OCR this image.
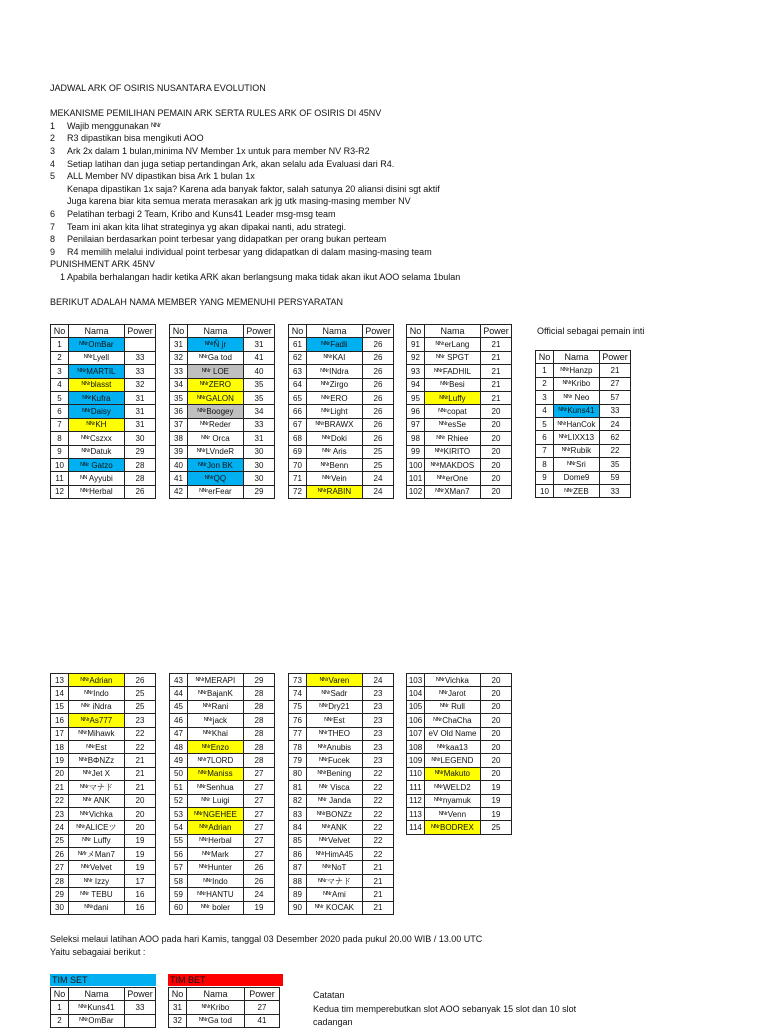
JADWAL ARK OF OSIRIS NUSANTARA EVOLUTION
MEKANISME PEMILIHAN PEMAIN ARK SERTA RULES ARK OF OSIRIS DI 45NV
1 Wajib menggunakan ᴺᴺʳ
2 R3 dipastikan bisa mengikuti AOO
3 Ark 2x dalam 1 bulan,minima NV Member 1x untuk para member NV R3-R2
4 Setiap latihan dan juga setiap pertandingan Ark, akan selalu ada Evaluasi dari R4.
5 ALL Member NV dipastikan bisa Ark 1 bulan 1x
Kenapa dipastikan 1x saja? Karena ada banyak faktor, salah satunya 20 aliansi disini sgt aktif
Juga karena biar kita semua merata merasakan ark jg utk masing-masing member NV
6 Pelatihan terbagi 2 Team, Kribo and Kuns41 Leader msg-msg team
7 Team ini akan kita lihat strateginya yg akan dipakai nanti, adu strategi.
8 Penilaian berdasarkan point terbesar yang didapatkan per orang bukan perteam
9 R4 memilih melalui individual point terbesar yang didapatkan di dalam masing-masing team
PUNISHMENT ARK 45NV
1 Apabila berhalangan hadir ketika ARK akan berlangsung maka tidak akan ikut AOO selama 1bulan
BERIKUT ADALAH NAMA MEMBER YANG MEMENUHI PERSYARATAN
Official sebagai pemain inti
No	Nama	Power
1	ᴺᴺʳOmBar	
2	ᴺᴺʳLyell	33
3	ᴺᴺʳMARTIL	33
4	ᴺᴺʳblasst	32
5	ᴺᴺʳKufra	31
6	ᴺᴺʳDaisy	31
7	ᴺᴺʳKH	31
8	ᴺᴺʳCszxx	30
9	ᴺᴺʳDatuk	29
10	ᴺᴺʳ Gatzo	28
11	ᴺᴺ Ayyubi	28
12	ᴺᴺʳHerbal	26
No	Nama	Power
31	ᴺᴺʳÑ jr	31
32	ᴺᴺʳGa tod	41
33	ᴺᴺʳ LOE	40
34	ᴺᴺʳZERO	35
35	ᴺᴺʳGALON	35
36	ᴺᴺʳBoogey	34
37	ᴺᴺʳReder	33
38	ᴺᴺʳ Orca	31
39	ᴺᴺʳLVndeR	30
40	ᴺᴺʳJon BK	30
41	ᴺᴺʳQQ	30
42	ᴺᴺʳerFear	29
No	Nama	Power
61	ᴺᴺʳFadli	26
62	ᴺᴺʳKAI	26
63	ᴺᴺʳINdra	26
64	ᴺᴺʳZirgo	26
65	ᴺᴺʳERO	26
66	ᴺᴺʳLight	26
67	ᴺᴺʳBRAWX	26
68	ᴺᴺʳDoki	26
69	ᴺᴺʳ Aris	25
70	ᴺᴺʳBenn	25
71	ᴺᴺʳVein	24
72	ᴺᴺʳRABIN	24
No	Nama	Power
91	ᴺᴺʳerLang	21
92	ᴺᴺʳ SPGT	21
93	ᴺᴺʳFADHIL	21
94	ᴺᴺʳBesi	21
95	ᴺᴺʳLuffy	21
96	ᴺᴺʳcopat	20
97	ᴺᴺʳesSe	20
98	ᴺᴺʳ Rhiee	20
99	ᴺᴺʳKIRITO	20
100	ᴺᴺʳMAKDOS	20
101	ᴺᴺʳerOne	20
102	ᴺᴺʳXMan7	20
No	Nama	Power
1	ᴺᴺʳHanzp	21
2	ᴺᴺʳKribo	27
3	ᴺᴺʳ Neo	57
4	ᴺᴺʳKuns41	33
5	ᴺᴺʳHanCok	24
6	ᴺᴺʳLIXX13	62
7	ᴺᴺʳRubik	22
8	ᴺᴺʳSri	35
9	Dome9	59
10	ᴺᴺʳZEB	33
13	ᴺᴺʳAdrian	26
14	ᴺᴺʳIndo	25
15	ᴺᴺʳ iNdra	25
16	ᴺᴺʳAs777	23
17	ᴺᴺʳMihawk	22
18	ᴺᴺʳEst	22
19	ᴺᴺʳBΦNZz	21
20	ᴺᴺʳJet X	21
21	ᴺᴺʳマナド	21
22	ᴺᴺʳ ANK	20
23	ᴺᴺʳVichka	20
24	ᴺᴺʳALICEツ	20
25	ᴺᴺʳ Luffy	19
26	ᴺᴻʳメMan7	19
27	ᴺᴺʳVelvet	19
28	ᴺᴺʳ Izzy	17
29	ᴺᴺʳ TEBU	16
30	ᴺᴺʳdani	16
43	ᴺᴺʳMERAPI	29
44	ᴺᴺʳBajanK	28
45	ᴺᴺʳRani	28
46	ᴺᴺʳjack	28
47	ᴺᴺʳKhai	28
48	ᴺᴺʳEnzo	28
49	ᴺᴺʳ7LORD	28
50	ᴺᴺʳManiss	27
51	ᴺᴺʳSenhua	27
52	ᴺᴺʳ Luigi	27
53	ᴺᴺʳNGEHEE	27
54	ᴺᴺʳAdrian	27
55	ᴺᴺʳHerbal	27
56	ᴺᴺʳMark	27
57	ᴺᴺʳHunter	26
58	ᴺᴺʳIndo	26
59	ᴺᴺʳHANTU	24
60	ᴺᴺʳ boler	19
73	ᴺᴺʳVaren	24
74	ᴺᴺʳSadr	23
75	ᴺᴺʳDry21	23
76	ᴺᴺʳEst	23
77	ᴺᴺʳTHEO	23
78	ᴺᴺʳAnubis	23
79	ᴺᴺʳFucek	23
80	ᴺᴺʳBening	22
81	ᴺᴺʳ Visca	22
82	ᴺᴺʳ Janda	22
83	ᴺᴺʳBONZz	22
84	ᴺᴺʳANK	22
85	ᴺᴺʳVelvet	22
86	ᴺᴺʳHimA45	22
87	ᴺᴺʳNoT	21
88	ᴺᴺʳマナド	21
89	ᴺᴺʳAmi	21
90	ᴺᴺʳ KOCAK	21
103	ᴺᴺʳVichka	20
104	ᴺᴺʳJarot	20
105	ᴺᴺʳ Rull	20
106	ᴺᴺʳChaCha	20
107	eV Old Name	20
108	ᴺᴺʳkaa13	20
109	ᴺᴺʳLEGEND	20
110	ᴺᴺʳMakuto	20
111	ᴺᴺʳWELD2	19
112	ᴺᴺʳnyamuk	19
113	ᴺᴺʳVenn	19
114	ᴺᴺʳBODREX	25
No	Nama	Power
1	ᴺᴺʳKuns41	33
2	ᴺᴺʳOmBar	
No	Nama	Power
31	ᴺᴺʳKribo	27
32	ᴺᴺʳGa tod	41
Seleksi melaui latihan AOO pada hari Kamis, tanggal 03 Desember 2020 pada pukul 20.00 WIB / 13.00 UTC
Yaitu sebagaiai berikut :
TIM SET	TIM BET
Catatan
Kedua tim memperebutkan slot AOO sebanyak 15 slot dan 10 slot
cadangan
